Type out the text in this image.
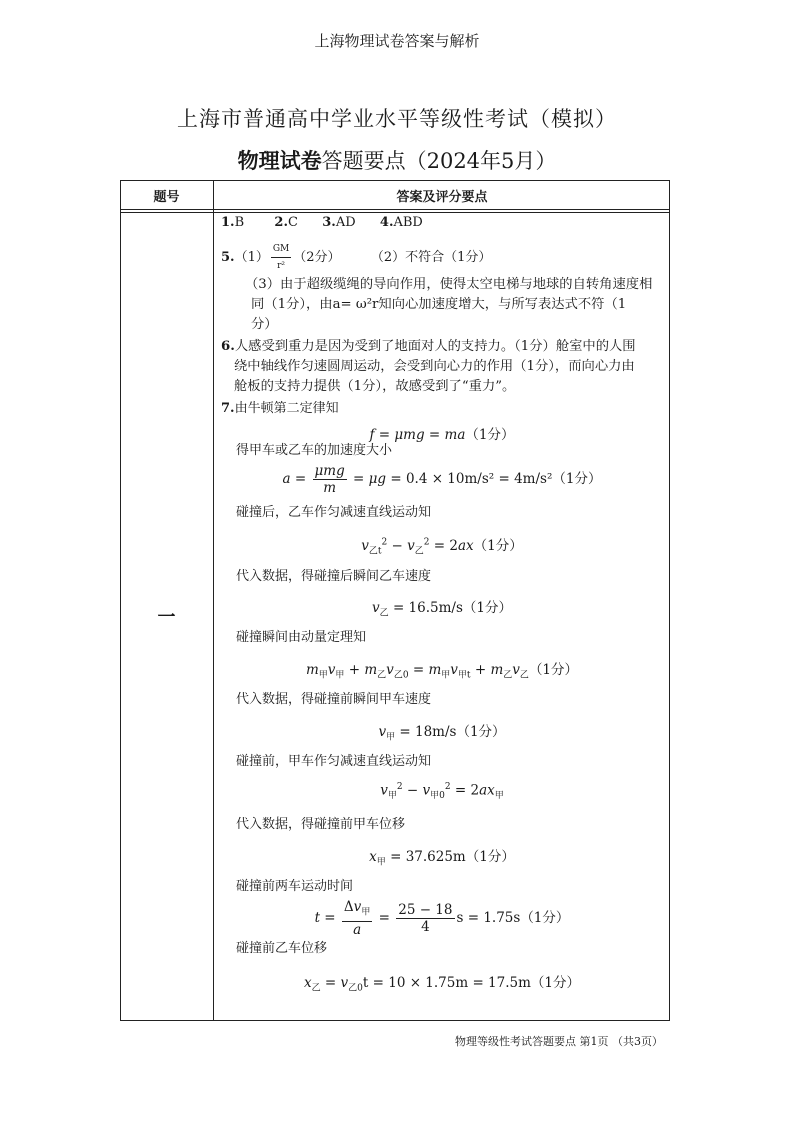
上海物理试卷答案与解析
上海市普通高中学业水平等级性考试（模拟）
物理试卷答题要点（2024年5月）
题号	答案及评分要点
一
1.B 2.C 3.AD 4.ABD
$5.(1) \frac{GM}{\text{r²}} (2$分） （2）不符合（1分）
（3）由于超级缆绳的导向作用，使得太空电梯与地球的自转角速度相
同（1分），由a= ω²r知向心加速度增大，与所写表达式不符（1
分）
6.人感受到重力是因为受到了地面对人的支持力。（1分）舱室中的人围
绕中轴线作匀速圆周运动，会受到向心力的作用（1分），而向心力由
舱板的支持力提供（1分），故感受到了“重力”。
7.由牛顿第二定律知
f = μmg = ma（1分）
得甲车或乙车的加速度大小
$a = \frac{\text{μmg}}{m} = \mu g = 0.4 \times 10m/s^2 = 4m/s^2(1$分）
碰撞后，乙车作匀减速直线运动知
$v_{乙t}^2 - v_乙^2 = 2ax(1$分）
代入数据，得碰撞后瞬间乙车速度
$v_乙 = 16.5m/s(1$分）
碰撞瞬间由动量定理知
$m_甲v_甲 + m_乙v_{乙0} = m_甲v_{甲t} + m_乙v_乙(1$分）
代入数据，得碰撞前瞬间甲车速度
$v_甲 = 18m/s(1$分）
碰撞前，甲车作匀减速直线运动知
$v_甲^2 - v_{甲0}^2 = 2ax_甲$
代入数据，得碰撞前甲车位移
$x_甲 = 37.625m(1$分）
碰撞前两车运动时间
$t = \frac{\Delta v_甲}{a} = \frac{25 - 18}{4}$ s = 1.75s（1分）
碰撞前乙车位移
$x_乙 = v_{乙0}t = 10 \times 1.75m = 17.5m(1$分）
物理等级性考试答题要点 第1页 （共3页）
